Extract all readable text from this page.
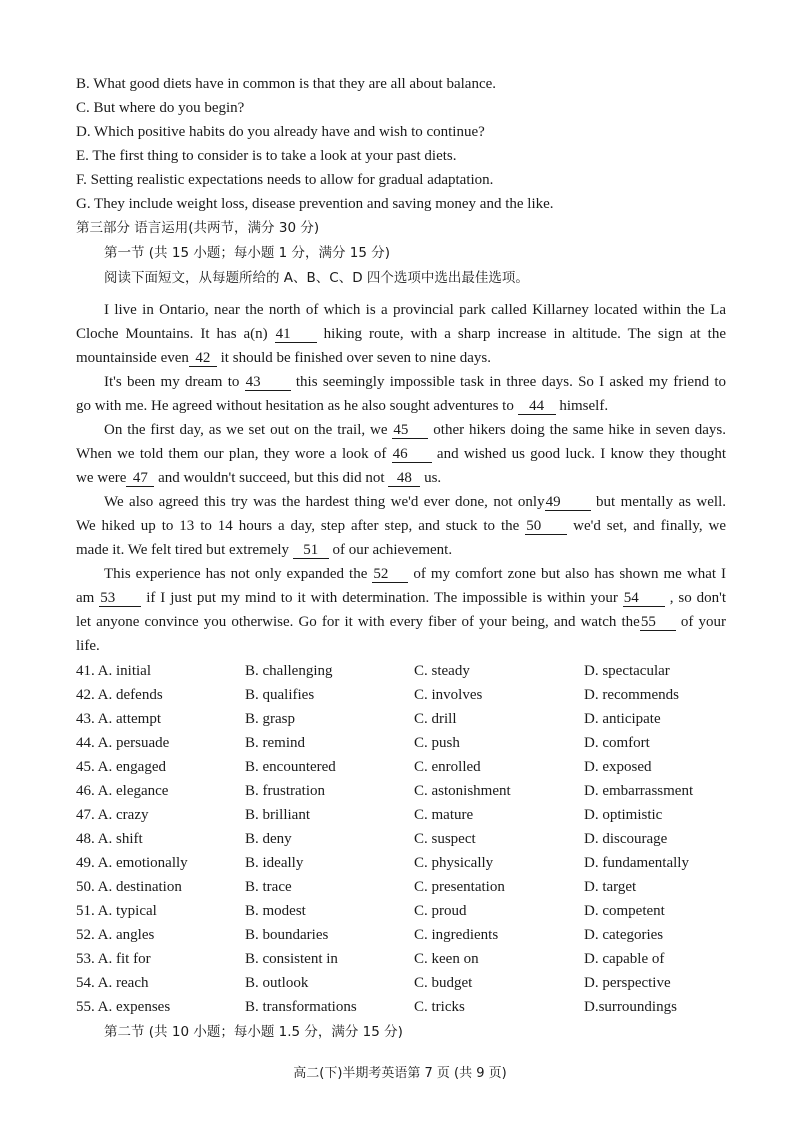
B. What good diets have in common is that they are all about balance.
C. But where do you begin?
D. Which positive habits do you already have and wish to continue?
E. The first thing to consider is to take a look at your past diets.
F. Setting realistic expectations needs to allow for gradual adaptation.
G. They include weight loss, disease prevention and saving money and the like.
第三部分 语言运用(共两节，满分 30 分)
第一节 (共 15 小题；每小题 1 分，满分 15 分)
阅读下面短文，从每题所给的 A、B、C、D 四个选项中选出最佳选项。
I live in Ontario, near the north of which is a provincial park called Killarney located within the La
Cloche Mountains. It has a(n) 41 hiking route, with a sharp increase in altitude. The sign at the
mountainside even 42 it should be finished over seven to nine days.
It's been my dream to 43 this seemingly impossible task in three days. So I asked my friend to
go with me. He agreed without hesitation as he also sought adventures to 44 himself.
On the first day, as we set out on the trail, we 45 other hikers doing the same hike in seven days.
When we told them our plan, they wore a look of 46 and wished us good luck. I know they thought
we were 47 and wouldn't succeed, but this did not 48 us.
We also agreed this try was the hardest thing we'd ever done, not only49 but mentally as well.
We hiked up to 13 to 14 hours a day, step after step, and stuck to the 50 we'd set, and finally, we
made it. We felt tired but extremely 51 of our achievement.
This experience has not only expanded the 52 of my comfort zone but also has shown me what I
am 53 if I just put my mind to it with determination. The impossible is within your 54 , so don't
let anyone convince you otherwise. Go for it with every fiber of your being, and watch the55 of your
life.
41. A. initial	B. challenging	C. steady	D. spectacular
42. A. defends	B. qualifies	C. involves	D. recommends
43. A. attempt	B. grasp	C. drill	D. anticipate
44. A. persuade	B. remind	C. push	D. comfort
45. A. engaged	B. encountered	C. enrolled	D. exposed
46. A. elegance	B. frustration	C. astonishment	D. embarrassment
47. A. crazy	B. brilliant	C. mature	D. optimistic
48. A. shift	B. deny	C. suspect	D. discourage
49. A. emotionally	B. ideally	C. physically	D. fundamentally
50. A. destination	B. trace	C. presentation	D. target
51. A. typical	B. modest	C. proud	D. competent
52. A. angles	B. boundaries	C. ingredients	D. categories
53. A. fit for	B. consistent in	C. keen on	D. capable of
54. A. reach	B. outlook	C. budget	D. perspective
55. A. expenses	B. transformations	C. tricks	D.surroundings
第二节 (共 10 小题；每小题 1.5 分，满分 15 分)
高二(下)半期考英语第 7 页 (共 9 页)
